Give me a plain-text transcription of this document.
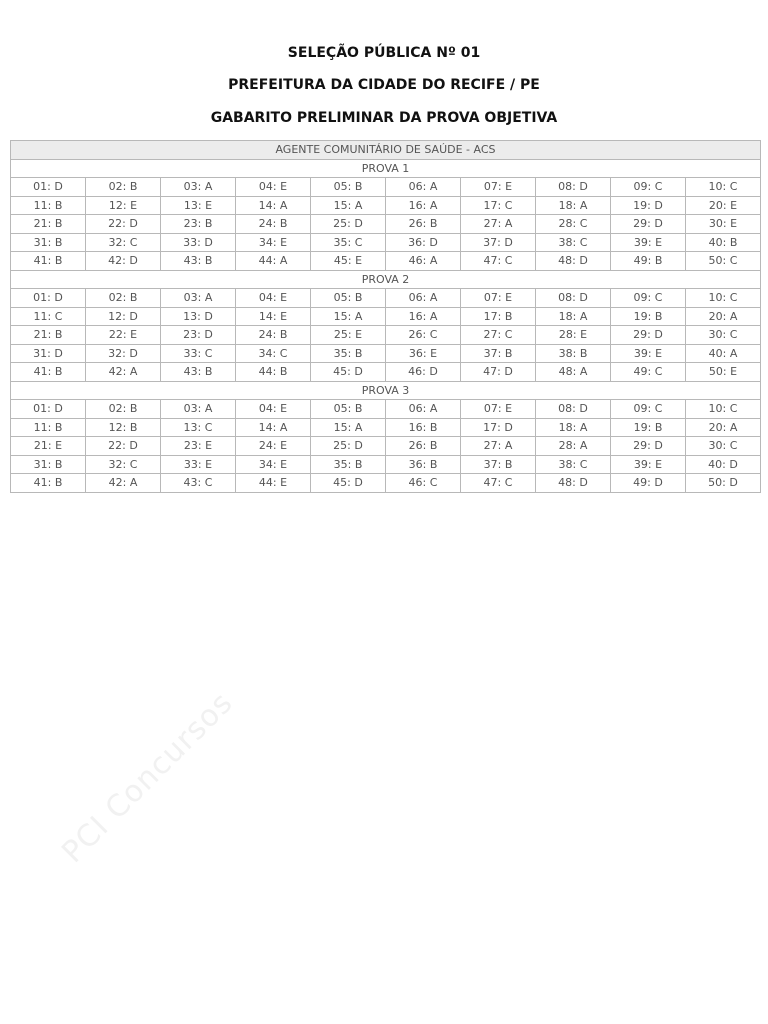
SELEÇÃO PÚBLICA Nº 01
PREFEITURA DA CIDADE DO RECIFE / PE
GABARITO PRELIMINAR DA PROVA OBJETIVA
AGENTE COMUNITÁRIO DE SAÚDE - ACS									
PROVA 1									
01: D	02: B	03: A	04: E	05: B	06: A	07: E	08: D	09: C	10: C
11: B	12: E	13: E	14: A	15: A	16: A	17: C	18: A	19: D	20: E
21: B	22: D	23: B	24: B	25: D	26: B	27: A	28: C	29: D	30: E
31: B	32: C	33: D	34: E	35: C	36: D	37: D	38: C	39: E	40: B
41: B	42: D	43: B	44: A	45: E	46: A	47: C	48: D	49: B	50: C
PROVA 2									
01: D	02: B	03: A	04: E	05: B	06: A	07: E	08: D	09: C	10: C
11: C	12: D	13: D	14: E	15: A	16: A	17: B	18: A	19: B	20: A
21: B	22: E	23: D	24: B	25: E	26: C	27: C	28: E	29: D	30: C
31: D	32: D	33: C	34: C	35: B	36: E	37: B	38: B	39: E	40: A
41: B	42: A	43: B	44: B	45: D	46: D	47: D	48: A	49: C	50: E
PROVA 3									
01: D	02: B	03: A	04: E	05: B	06: A	07: E	08: D	09: C	10: C
11: B	12: B	13: C	14: A	15: A	16: B	17: D	18: A	19: B	20: A
21: E	22: D	23: E	24: E	25: D	26: B	27: A	28: A	29: D	30: C
31: B	32: C	33: E	34: E	35: B	36: B	37: B	38: C	39: E	40: D
41: B	42: A	43: C	44: E	45: D	46: C	47: C	48: D	49: D	50: D
PCI Concursos
